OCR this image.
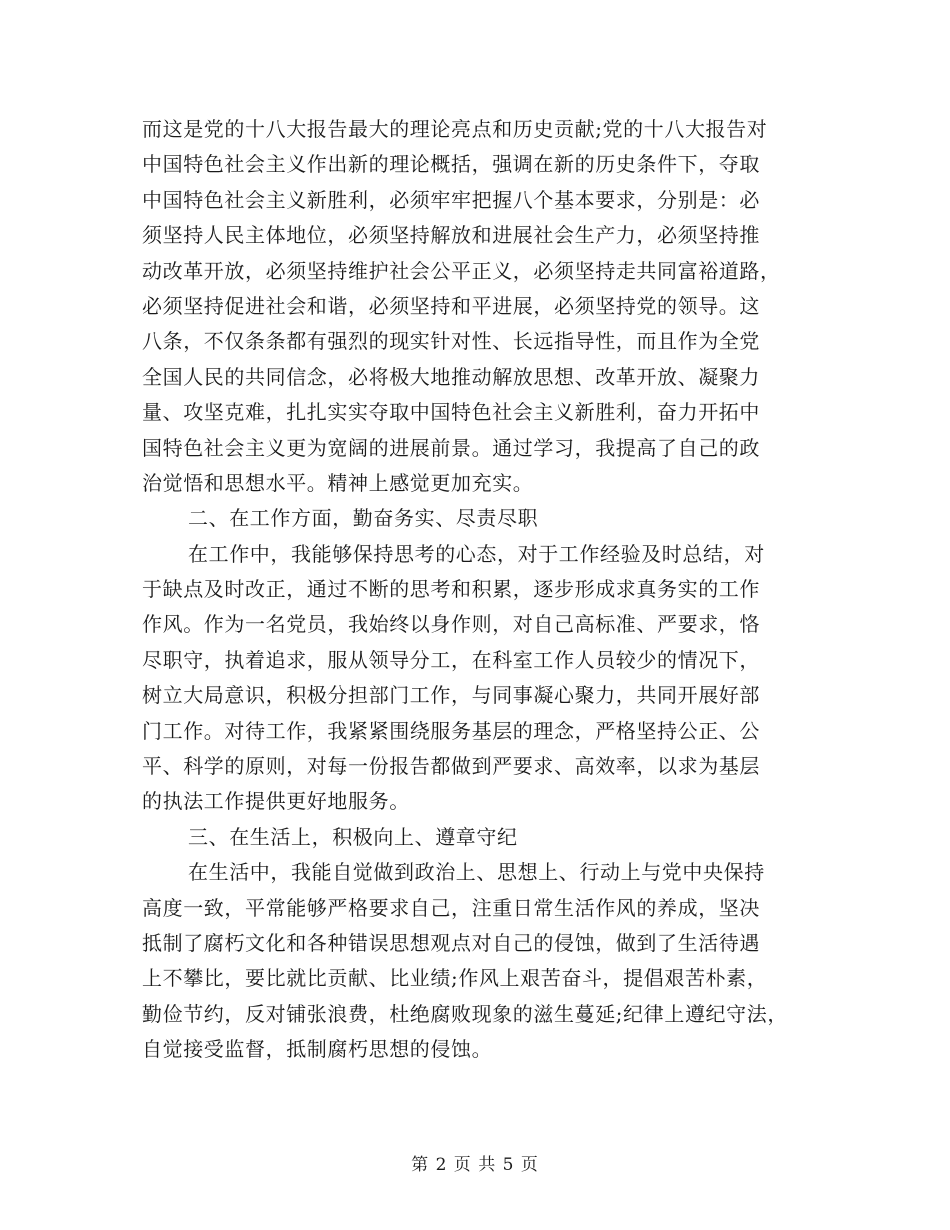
而这是党的十八大报告最大的理论亮点和历史贡献;党的十八大报告对
中国特色社会主义作出新的理论概括，强调在新的历史条件下，夺取
中国特色社会主义新胜利，必须牢牢把握八个基本要求，分别是：必
须坚持人民主体地位，必须坚持解放和进展社会生产力，必须坚持推
动改革开放，必须坚持维护社会公平正义，必须坚持走共同富裕道路，
必须坚持促进社会和谐，必须坚持和平进展，必须坚持党的领导。这
八条，不仅条条都有强烈的现实针对性、长远指导性，而且作为全党
全国人民的共同信念，必将极大地推动解放思想、改革开放、凝聚力
量、攻坚克难，扎扎实实夺取中国特色社会主义新胜利，奋力开拓中
国特色社会主义更为宽阔的进展前景。通过学习，我提高了自己的政
治觉悟和思想水平。精神上感觉更加充实。
二、在工作方面，勤奋务实、尽责尽职
在工作中，我能够保持思考的心态，对于工作经验及时总结，对
于缺点及时改正，通过不断的思考和积累，逐步形成求真务实的工作
作风。作为一名党员，我始终以身作则，对自己高标准、严要求，恪
尽职守，执着追求，服从领导分工，在科室工作人员较少的情况下，
树立大局意识，积极分担部门工作，与同事凝心聚力，共同开展好部
门工作。对待工作，我紧紧围绕服务基层的理念，严格坚持公正、公
平、科学的原则，对每一份报告都做到严要求、高效率，以求为基层
的执法工作提供更好地服务。
三、在生活上，积极向上、遵章守纪
在生活中，我能自觉做到政治上、思想上、行动上与党中央保持
高度一致，平常能够严格要求自己，注重日常生活作风的养成，坚决
抵制了腐朽文化和各种错误思想观点对自己的侵蚀，做到了生活待遇
上不攀比，要比就比贡献、比业绩;作风上艰苦奋斗，提倡艰苦朴素，
勤俭节约，反对铺张浪费，杜绝腐败现象的滋生蔓延;纪律上遵纪守法，
自觉接受监督，抵制腐朽思想的侵蚀。
第 2 页 共 5 页
